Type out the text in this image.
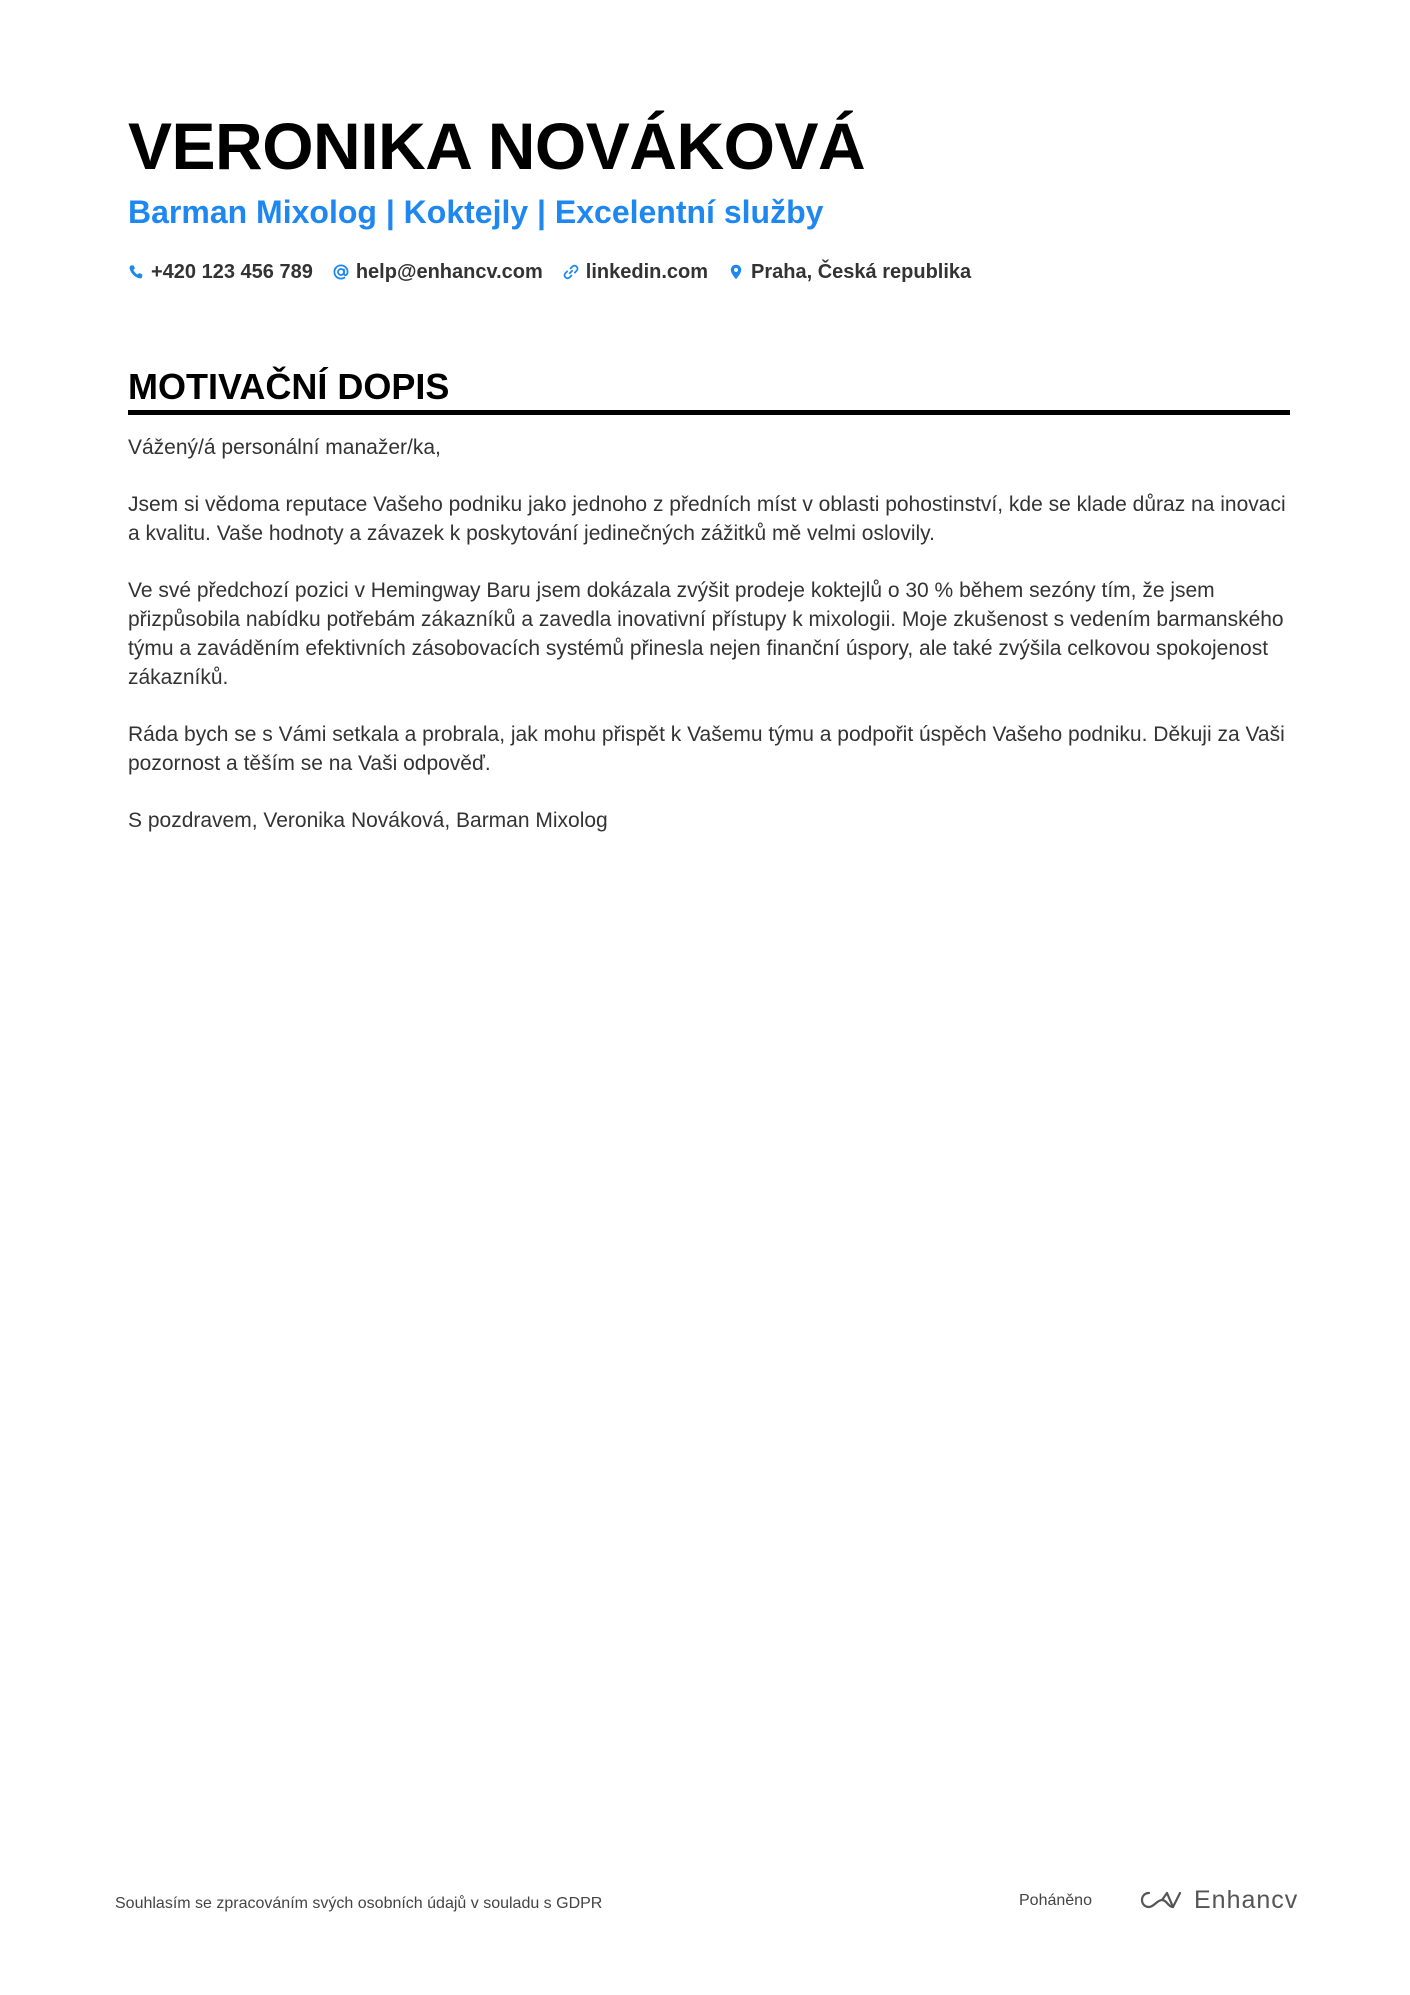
VERONIKA NOVÁKOVÁ
Barman Mixolog | Koktejly | Excelentní služby
+420 123 456 789 help@enhancv.com linkedin.com Praha, Česká republika
MOTIVAČNÍ DOPIS

Vážený/á personální manažer/ka,

Jsem si vědoma reputace Vašeho podniku jako jednoho z předních míst v oblasti pohostinství, kde se klade důraz na inovaci a kvalitu. Vaše hodnoty a závazek k poskytování jedinečných zážitků mě velmi oslovily.

Ve své předchozí pozici v Hemingway Baru jsem dokázala zvýšit prodeje koktejlů o 30 % během sezóny tím, že jsem přizpůsobila nabídku potřebám zákazníků a zavedla inovativní přístupy k mixologii. Moje zkušenost s vedením barmanského týmu a zaváděním efektivních zásobovacích systémů přinesla nejen finanční úspory, ale také zvýšila celkovou spokojenost zákazníků.

Ráda bych se s Vámi setkala a probrala, jak mohu přispět k Vašemu týmu a podpořit úspěch Vašeho podniku. Děkuji za Vaši pozornost a těším se na Vaši odpověď.

S pozdravem, Veronika Nováková, Barman Mixolog

Souhlasím se zpracováním svých osobních údajů v souladu s GDPR	Poháněno	Enhancv
